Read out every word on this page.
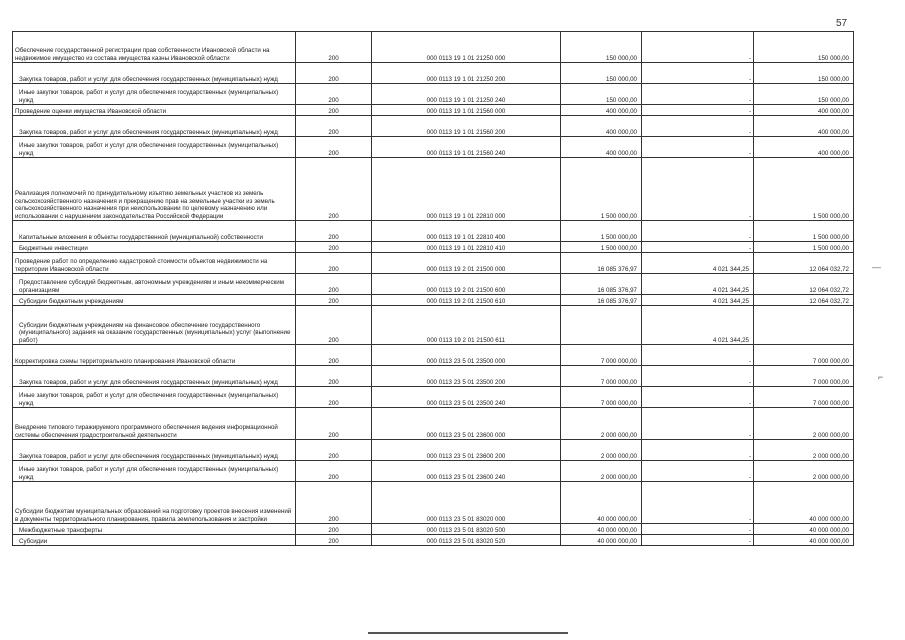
57
Обеспечение государственной регистрации прав собственности Ивановской области на недвижимое имущество из состава имущества казны Ивановской области	200	000 0113 19 1 01 21250 000	150 000,00	-	150 000,00
Закупка товаров, работ и услуг для обеспечения государственных (муниципальных) нужд	200	000 0113 19 1 01 21250 200	150 000,00	-	150 000,00
Иные закупки товаров, работ и услуг для обеспечения государственных (муниципальных) нужд	200	000 0113 19 1 01 21250 240	150 000,00	-	150 000,00
Проведение оценки имущества Ивановской области	200	000 0113 19 1 01 21560 000	400 000,00	-	400 000,00
Закупка товаров, работ и услуг для обеспечения государственных (муниципальных) нужд	200	000 0113 19 1 01 21560 200	400 000,00	-	400 000,00
Иные закупки товаров, работ и услуг для обеспечения государственных (муниципальных) нужд	200	000 0113 19 1 01 21560 240	400 000,00	-	400 000,00
Реализация полномочий по принудительному изъятию земельных участков из земель сельскохозяйственного назначения и прекращению прав на земельные участки из земель сельскохозяйственного назначения при неиспользовании по целевому назначению или использовании с нарушением законодательства Российской Федерации	200	000 0113 19 1 01 22810 000	1 500 000,00	-	1 500 000,00
Капитальные вложения в объекты государственной (муниципальной) собственности	200	000 0113 19 1 01 22810 400	1 500 000,00	-	1 500 000,00
Бюджетные инвестиции	200	000 0113 19 1 01 22810 410	1 500 000,00	-	1 500 000,00
Проведение работ по определению кадастровой стоимости объектов недвижимости на территории Ивановской области	200	000 0113 19 2 01 21500 000	16 085 376,97	4 021 344,25	12 064 032,72
Предоставление субсидий бюджетным, автономным учреждениям и иным некоммерческим организациям	200	000 0113 19 2 01 21500 600	16 085 376,97	4 021 344,25	12 064 032,72
Субсидии бюджетным учреждениям	200	000 0113 19 2 01 21500 610	16 085 376,97	4 021 344,25	12 064 032,72
Субсидии бюджетным учреждениям на финансовое обеспечение государственного (муниципального) задания на оказание государственных (муниципальных) услуг (выполнение работ)	200	000 0113 19 2 01 21500 611		4 021 344,25	
Корректировка схемы территориального планирования Ивановской области	200	000 0113 23 5 01 23500 000	7 000 000,00	-	7 000 000,00
Закупка товаров, работ и услуг для обеспечения государственных (муниципальных) нужд	200	000 0113 23 5 01 23500 200	7 000 000,00	-	7 000 000,00
Иные закупки товаров, работ и услуг для обеспечения государственных (муниципальных) нужд	200	000 0113 23 5 01 23500 240	7 000 000,00	-	7 000 000,00
Внедрение типового тиражируемого программного обеспечения ведения информационной системы обеспечения градостроительной деятельности	200	000 0113 23 5 01 23600 000	2 000 000,00	-	2 000 000,00
Закупка товаров, работ и услуг для обеспечения государственных (муниципальных) нужд	200	000 0113 23 5 01 23600 200	2 000 000,00	-	2 000 000,00
Иные закупки товаров, работ и услуг для обеспечения государственных (муниципальных) нужд	200	000 0113 23 5 01 23600 240	2 000 000,00	-	2 000 000,00
Субсидии бюджетам муниципальных образований на подготовку проектов внесения изменений в документы территориального планирования, правила землепользования и застройки	200	000 0113 23 5 01 83020 000	40 000 000,00	-	40 000 000,00
Межбюджетные трансферты	200	000 0113 23 5 01 83020 500	40 000 000,00	-	40 000 000,00
Субсидии	200	000 0113 23 5 01 83020 520	40 000 000,00	-	40 000 000,00
―
⌐
